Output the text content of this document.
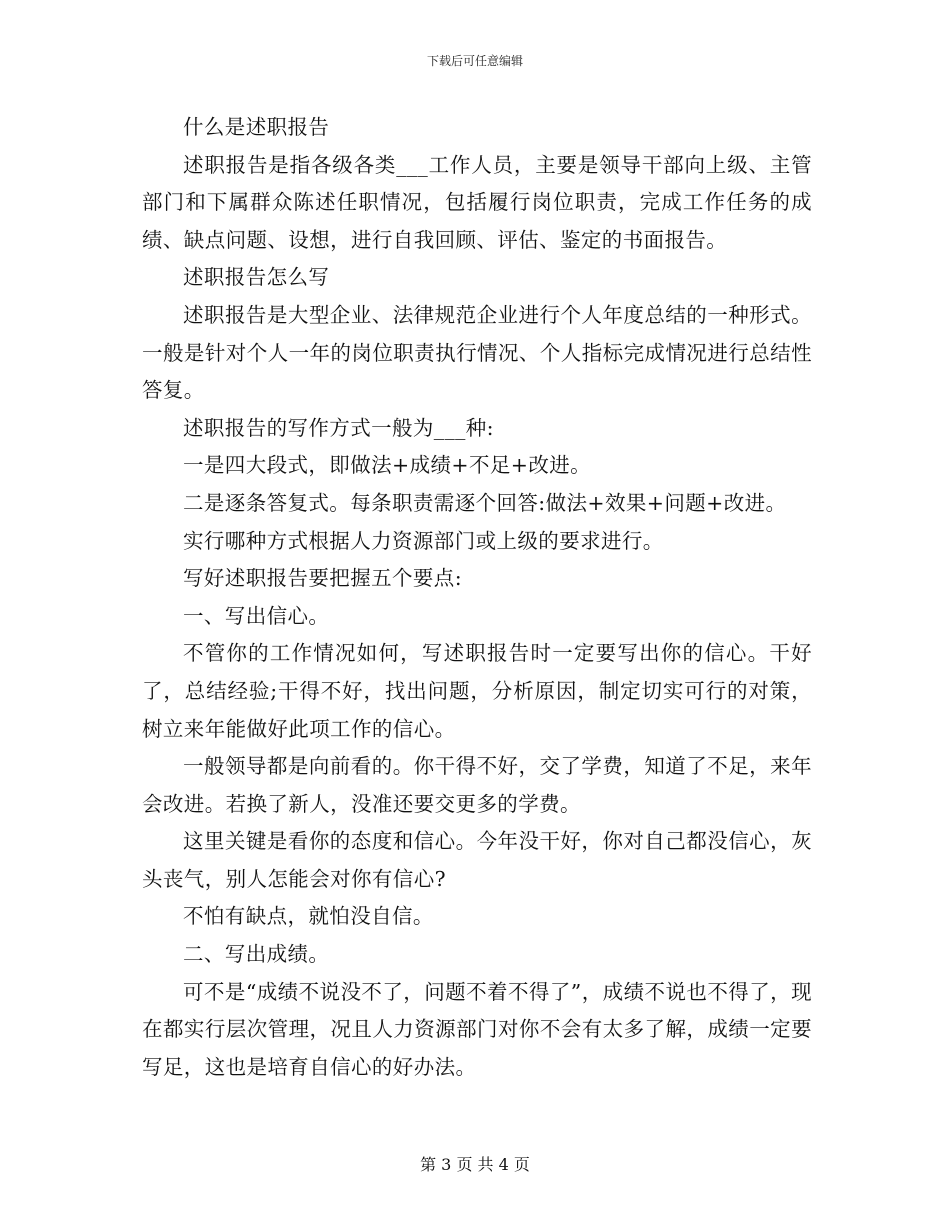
下载后可任意编辑

什么是述职报告

述职报告是指各级各类___工作人员，主要是领导干部向上级、主管部门和下属群众陈述任职情况，包括履行岗位职责，完成工作任务的成绩、缺点问题、设想，进行自我回顾、评估、鉴定的书面报告。

述职报告怎么写

述职报告是大型企业、法律规范企业进行个人年度总结的一种形式。一般是针对个人一年的岗位职责执行情况、个人指标完成情况进行总结性答复。

述职报告的写作方式一般为___种:

一是四大段式，即做法+成绩+不足+改进。

二是逐条答复式。每条职责需逐个回答:做法+效果+问题+改进。

实行哪种方式根据人力资源部门或上级的要求进行。

写好述职报告要把握五个要点:

一、写出信心。

不管你的工作情况如何，写述职报告时一定要写出你的信心。干好了，总结经验;干得不好，找出问题，分析原因，制定切实可行的对策，树立来年能做好此项工作的信心。

一般领导都是向前看的。你干得不好，交了学费，知道了不足，来年会改进。若换了新人，没准还要交更多的学费。

这里关键是看你的态度和信心。今年没干好，你对自己都没信心，灰头丧气，别人怎能会对你有信心?

不怕有缺点，就怕没自信。

二、写出成绩。

可不是“成绩不说没不了，问题不着不得了”，成绩不说也不得了，现在都实行层次管理，况且人力资源部门对你不会有太多了解，成绩一定要写足，这也是培育自信心的好办法。

第 3 页 共 4 页
